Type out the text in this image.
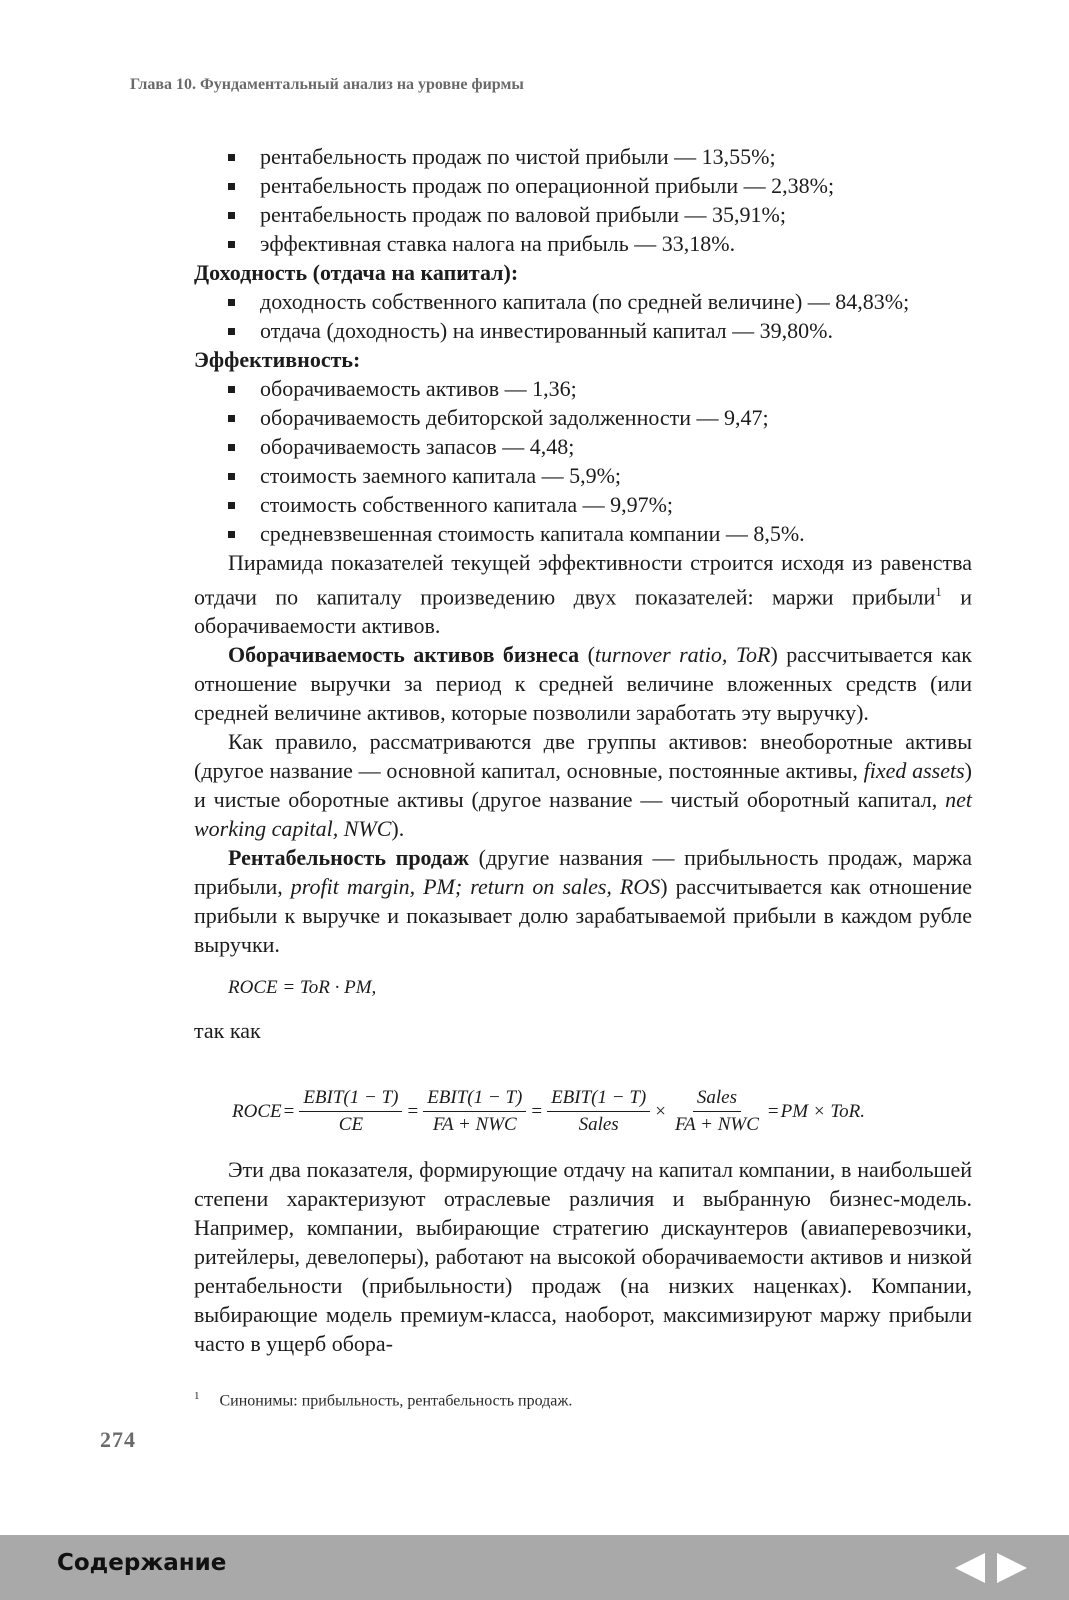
Глава 10. Фундаментальный анализ на уровне фирмы
рентабельность продаж по чистой прибыли — 13,55%;
рентабельность продаж по операционной прибыли — 2,38%;
рентабельность продаж по валовой прибыли — 35,91%;
эффективная ставка налога на прибыль — 33,18%.
Доходность (отдача на капитал):
доходность собственного капитала (по средней величине) — 84,83%;
отдача (доходность) на инвестированный капитал — 39,80%.
Эффективность:
оборачиваемость активов — 1,36;
оборачиваемость дебиторской задолженности — 9,47;
оборачиваемость запасов — 4,48;
стоимость заемного капитала — 5,9%;
стоимость собственного капитала — 9,97%;
средневзвешенная стоимость капитала компании — 8,5%.

Пирамида показателей текущей эффективности строится исходя из равенства отдачи по капиталу произведению двух показателей: маржи прибыли$^1$ и оборачиваемости активов.

Оборачиваемость активов бизнеса (turnover ratio, ToR) рассчитывается как отношение выручки за период к средней величине вложенных средств (или средней величине активов, которые позволили заработать эту выручку).

Как правило, рассматриваются две группы активов: внеоборотные активы (другое название — основной капитал, основные, постоянные активы, fixed assets) и чистые оборотные активы (другое название — чистый оборотный капитал, net working capital, NWC).

Рентабельность продаж (другие названия — прибыльность продаж, маржа прибыли, profit margin, PM; return on sales, ROS) рассчитывается как отношение прибыли к выручке и показывает долю зарабатываемой прибыли в каждом рубле выручки.

ROCE = ToR · PM,

так как

ROCE = $\frac{\text{EBIT(1 − T)}}{CE} = \frac{\text{EBIT(1 − T)}}{\text{FA + NWC}} = \frac{\text{EBIT(1 − T)}}{\text{Sales}} \times \frac{\text{Sales}}{\text{FA + NWC}}$ = PM × ToR.

Эти два показателя, формирующие отдачу на капитал компании, в наибольшей степени характеризуют отраслевые различия и выбранную бизнес-модель. Например, компании, выбирающие стратегию дискаунтеров (авиаперевозчики, ритейлеры, девелоперы), работают на высокой оборачиваемости активов и низкой рентабельности (прибыльности) продаж (на низких наценках). Компании, выбирающие модель премиум-класса, наоборот, максимизируют маржу прибыли часто в ущерб обора-

$^1$ Синонимы: прибыльность, рентабельность продаж.
274
Содержание
